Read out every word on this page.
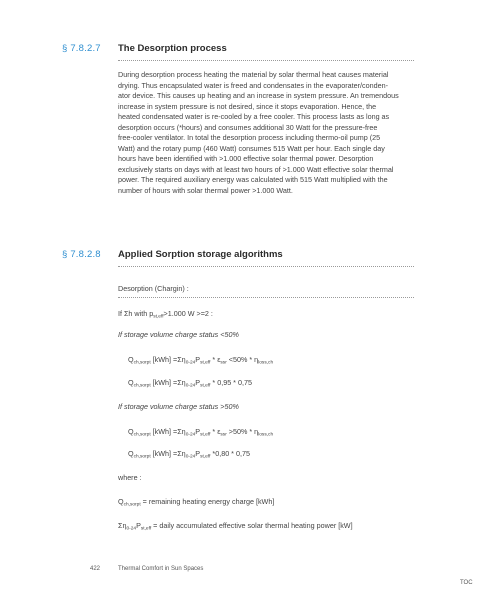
§ 7.8.2.7 The Desorption process
During desorption process heating the material by solar thermal heat causes material
drying. Thus encapsulated water is freed and condensates in the evaporater/conden-
ator device. This causes up heating and an increase in system pressure. An tremendous
increase in system pressure is not desired, since it stops evaporation. Hence, the
heated condensated water is re-cooled by a free cooler. This process lasts as long as
desorption occurs (*hours) and consumes additional 30 Watt for the pressure-free
free-cooler ventilator. In total the desorption process including thermo-oil pump (25
Watt) and the rotary pump (460 Watt) consumes 515 Watt per hour. Each single day
hours have been identified with >1.000 effective solar thermal power. Desorption
exclusively starts on days with at least two hours of >1.000 Watt effective solar thermal
power. The required auxiliary energy was calculated with 515 Watt multiplied with the
number of hours with solar thermal power >1.000 Watt.
§ 7.8.2.8 Applied Sorption storage algorithms
Desorption (Chargin) :
If Σh with $p_{st,eff}>1.000$ W >=2 :
If storage volume charge status <50%
$Q_{ch,sorpt}$ $[kWh] =\Sigma\eta_{0-24}P_{st,eff} * \varepsilon_{ssr} <50\% * \eta_{loss,ch}$
$Q_{ch,sorpt}$ $[kWh] =\Sigma\eta_{0-24}P_{st,eff} * 0,95 * 0,75$
If storage volume charge status >50%
$Q_{ch,sorpt}$ $[kWh] =\Sigma\eta_{0-24}P_{st,eff} * \varepsilon_{ssr} >50\% * \eta_{loss,ch}$
$Q_{ch,sorpt}$ $[kWh] =\Sigma\eta_{0-24}P_{st,eff}$ *0,80 * 0,75
where :
$Q_{ch,sorpt}$ = remaining heating energy charge [kWh]
$\Sigma\eta_{0-24}P_{st,eff}$ = daily accumulated effective solar thermal heating power [kW]
422	Thermal Comfort in Sun Spaces
TOC
